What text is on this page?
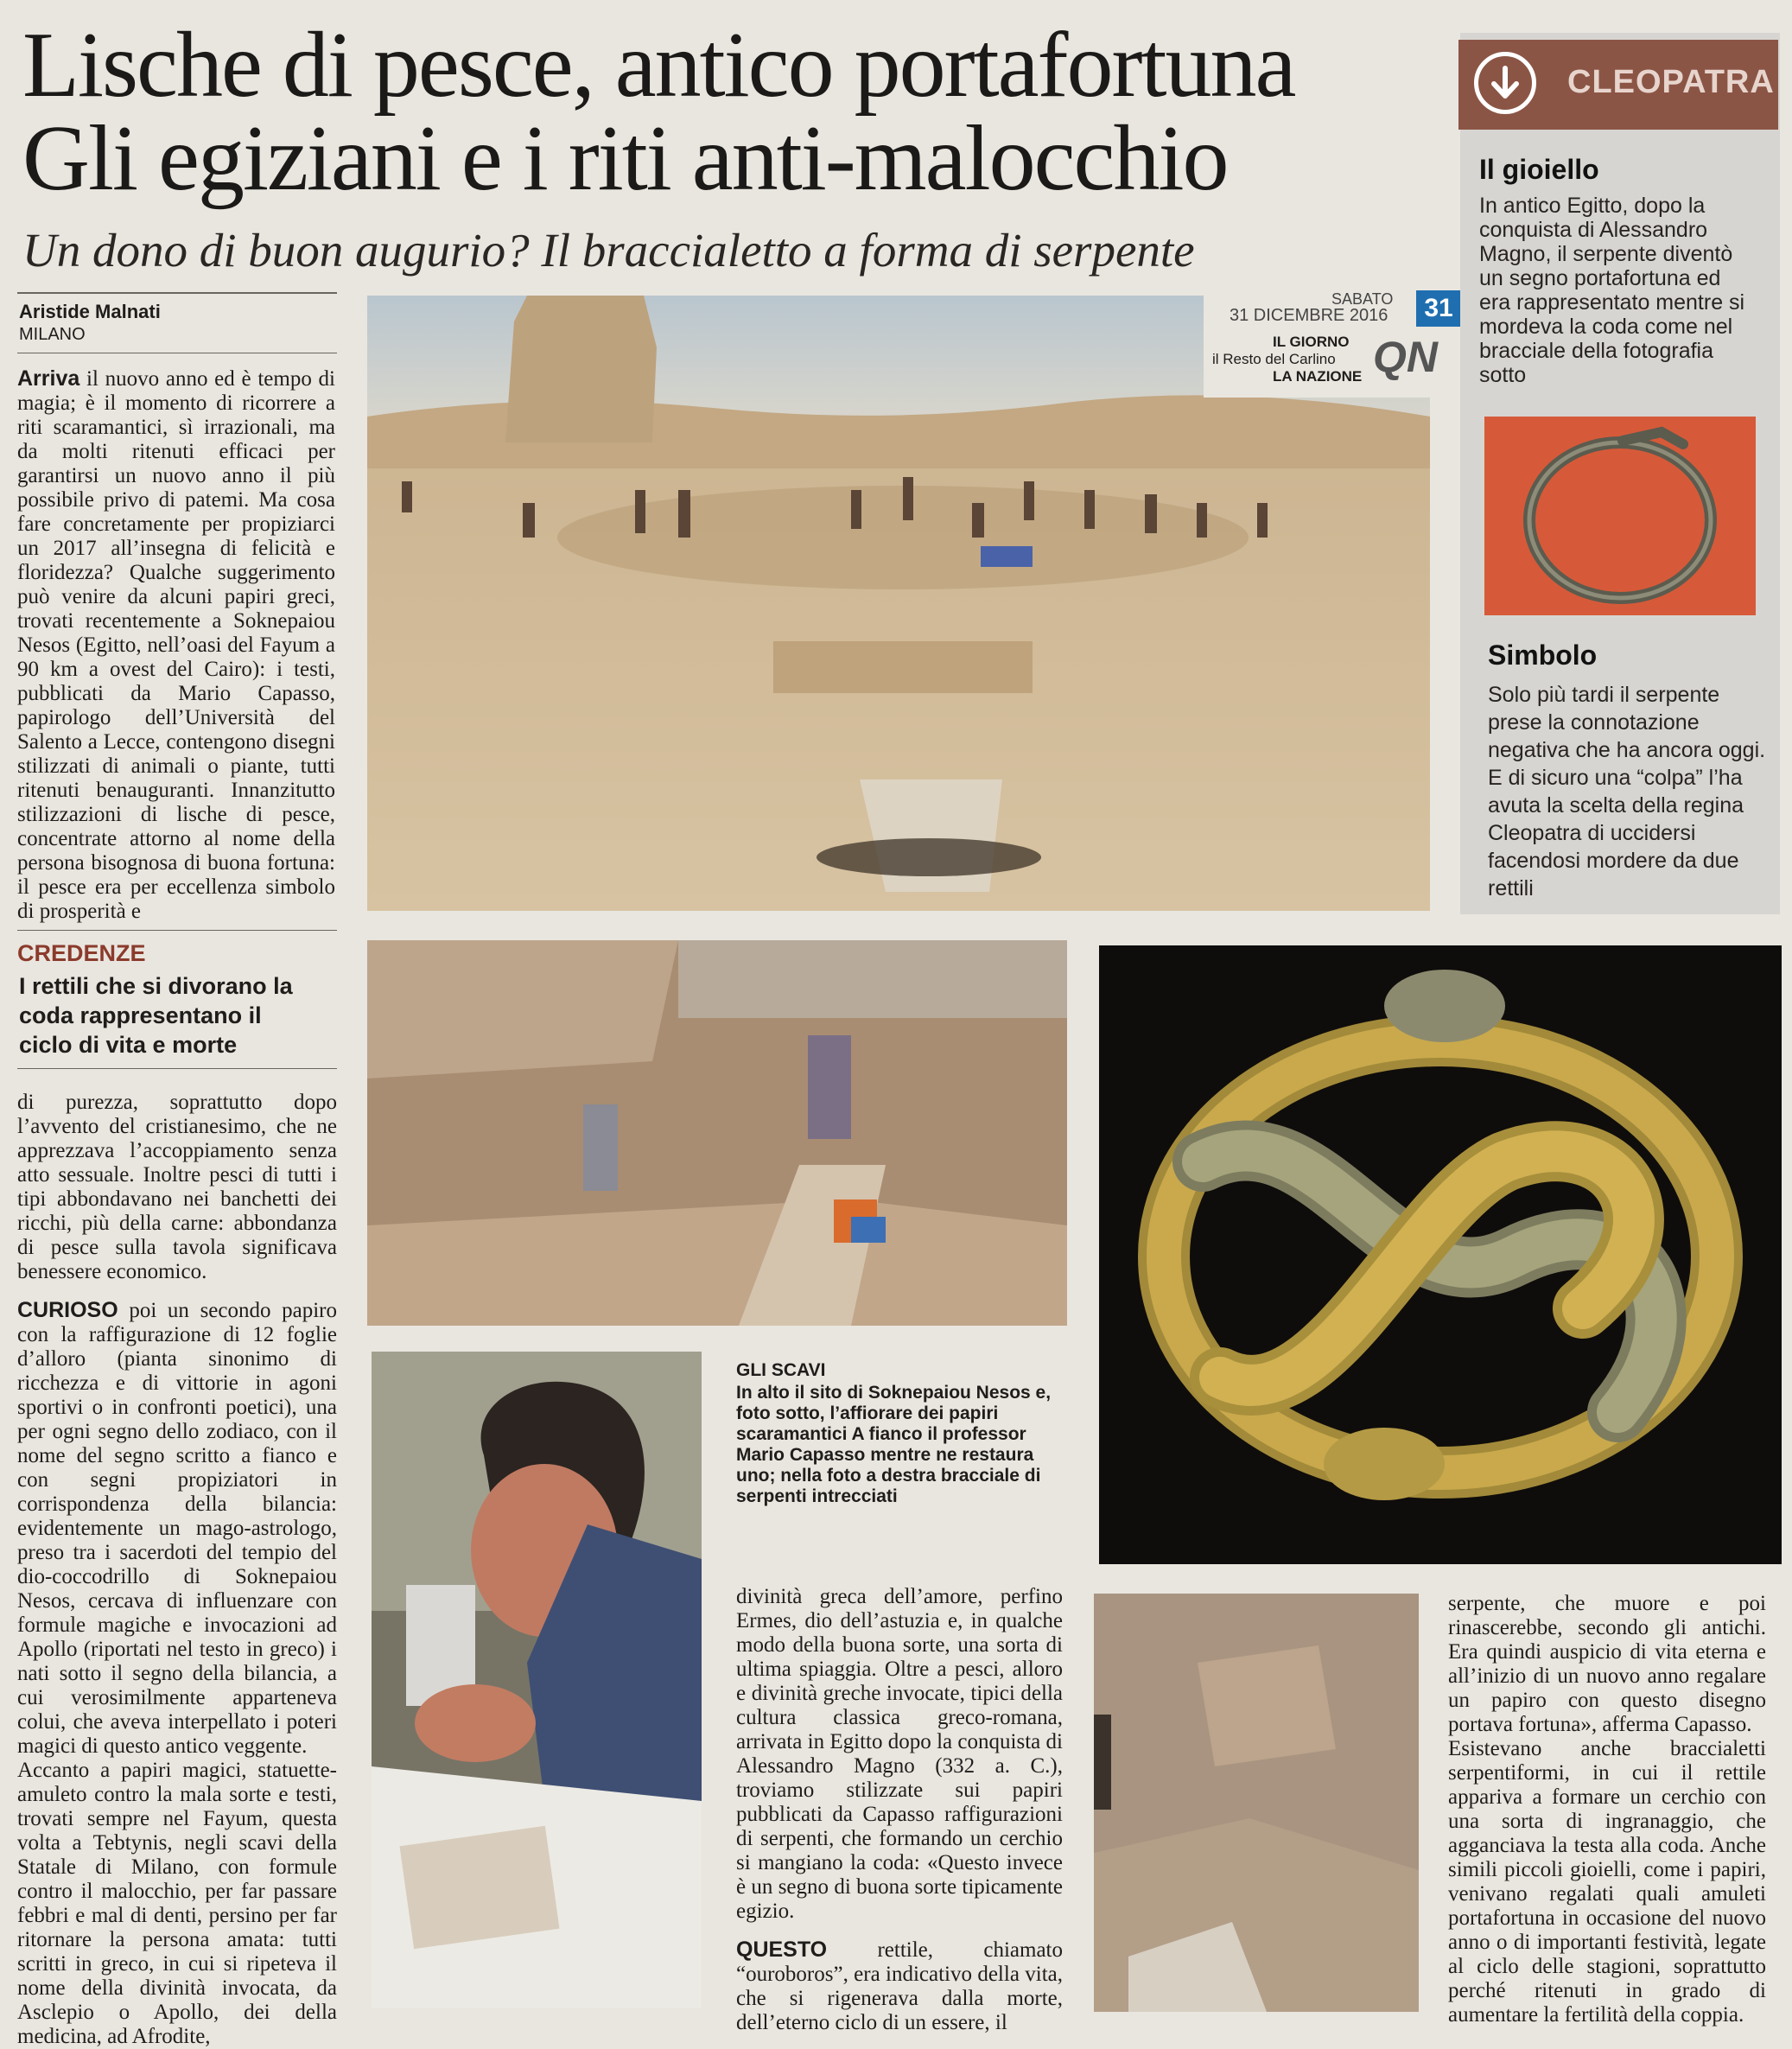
Lische di pesce, antico portafortuna
Gli egiziani e i riti anti-malocchio
Un dono di buon augurio? Il braccialetto a forma di serpente
Aristide Malnati
MILANO

Arriva il nuovo anno ed è tempo di magia; è il momento di ricorrere a riti scaramantici, sì irrazionali, ma da molti ritenuti efficaci per garantirsi un nuovo anno il più possibile privo di patemi. Ma cosa fare concretamente per propiziarci un 2017 all’insegna di felicità e floridezza? Qualche suggerimento può venire da alcuni papiri greci, trovati recentemente a Soknepaiou Nesos (Egitto, nell’oasi del Fayum a 90 km a ovest del Cairo): i testi, pubblicati da Mario Capasso, papirologo dell’Università del Salento a Lecce, contengono disegni stilizzati di animali o piante, tutti ritenuti benauguranti. Innanzitutto stilizzazioni di lische di pesce, concentrate attorno al nome della persona bisognosa di buona fortuna: il pesce era per eccellenza simbolo di prosperità e

CREDENZE
I rettili che si divorano la coda rappresentano il ciclo di vita e morte

di purezza, soprattutto dopo l’avvento del cristianesimo, che ne apprezzava l’accoppiamento senza atto sessuale. Inoltre pesci di tutti i tipi abbondavano nei banchetti dei ricchi, più della carne: abbondanza di pesce sulla tavola significava benessere economico.

CURIOSO poi un secondo papiro con la raffigurazione di 12 foglie d’alloro (pianta sinonimo di ricchezza e di vittorie in agoni sportivi o in confronti poetici), una per ogni segno dello zodiaco, con il nome del segno scritto a fianco e con segni propiziatori in corrispondenza della bilancia: evidentemente un mago-astrologo, preso tra i sacerdoti del tempio del dio-coccodrillo di Soknepaiou Nesos, cercava di influenzare con formule magiche e invocazioni ad Apollo (riportati nel testo in greco) i nati sotto il segno della bilancia, a cui verosimilmente apparteneva colui, che aveva interpellato i poteri magici di questo antico veggente.

Accanto a papiri magici, statuette-amuleto contro la mala sorte e testi, trovati sempre nel Fayum, questa volta a Tebtynis, negli scavi della Statale di Milano, con formule contro il malocchio, per far passare febbri e mal di denti, persino per far ritornare la persona amata: tutti scritti in greco, in cui si ripeteva il nome della divinità invocata, da Asclepio o Apollo, dei della medicina, ad Afrodite,

SABATO
31 DICEMBRE 2016	31
IL GIORNO
il Resto del Carlino
LA NAZIONE QN
CLEOPATRA
Il gioiello
In antico Egitto, dopo la conquista di Alessandro Magno, il serpente diventò un segno portafortuna ed era rappresentato mentre si mordeva la coda come nel bracciale della fotografia sotto
Simbolo
Solo più tardi il serpente prese la connotazione negativa che ha ancora oggi. E di sicuro una “colpa” l’ha avuta la scelta della regina Cleopatra di uccidersi facendosi mordere da due rettili
GLI SCAVI
In alto il sito di Soknepaiou Nesos e, foto sotto, l’affiorare dei papiri scaramantici A fianco il professor Mario Capasso mentre ne restaura uno; nella foto a destra bracciale di serpenti intrecciati

divinità greca dell’amore, perfino Ermes, dio dell’astuzia e, in qualche modo della buona sorte, una sorta di ultima spiaggia. Oltre a pesci, alloro e divinità greche invocate, tipici della cultura classica greco-romana, arrivata in Egitto dopo la conquista di Alessandro Magno (332 a. C.), troviamo stilizzate sui papiri pubblicati da Capasso raffigurazioni di serpenti, che formando un cerchio si mangiano la coda: «Questo invece è un segno di buona sorte tipicamente egizio.

QUESTO rettile, chiamato “ouroboros”, era indicativo della vita, che si rigenerava dalla morte, dell’eterno ciclo di un essere, il

serpente, che muore e poi rinascerebbe, secondo gli antichi. Era quindi auspicio di vita eterna e all’inizio di un nuovo anno regalare un papiro con questo disegno portava fortuna», afferma Capasso.

Esistevano anche braccialetti serpentiformi, in cui il rettile appariva a formare un cerchio con una sorta di ingranaggio, che agganciava la testa alla coda. Anche simili piccoli gioielli, come i papiri, venivano regalati quali amuleti portafortuna in occasione del nuovo anno o di importanti festività, legate al ciclo delle stagioni, soprattutto perché ritenuti in grado di aumentare la fertilità della coppia.
